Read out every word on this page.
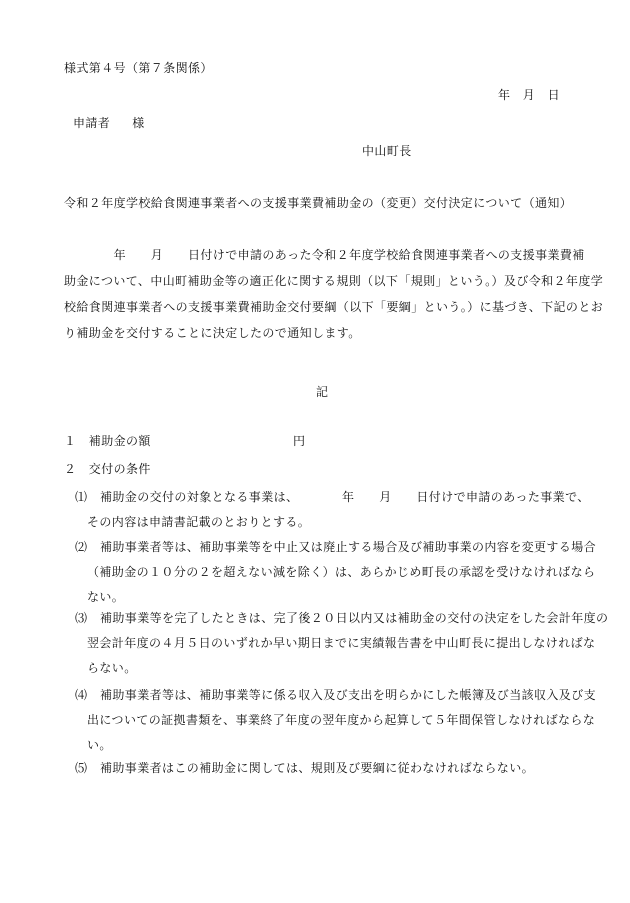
様式第４号（第７条関係）
年　月　日
申請者 様
中山町長
令和２年度学校給食関連事業者への支援事業費補助金の（変更）交付決定について（通知）
　　　　年　　月　　日付けで申請のあった令和２年度学校給食関連事業者への支援事業費補
助金について、中山町補助金等の適正化に関する規則（以下「規則」という。）及び令和２年度学
校給食関連事業者への支援事業費補助金交付要綱（以下「要綱」という。）に基づき、下記のとお
り補助金を交付することに決定したので通知します。
記
１　補助金の額	円
２　交付の条件
⑴	補助金の交付の対象となる事業は、　　　　年　　月　　日付けで申請のあった事業で、
その内容は申請書記載のとおりとする。
⑵	補助事業者等は、補助事業等を中止又は廃止する場合及び補助事業の内容を変更する場合
（補助金の１０分の２を超えない減を除く）は、あらかじめ町長の承認を受けなければなら
ない。
⑶	補助事業等を完了したときは、完了後２０日以内又は補助金の交付の決定をした会計年度の
翌会計年度の４月５日のいずれか早い期日までに実績報告書を中山町長に提出しなければな
らない。
⑷	補助事業者等は、補助事業等に係る収入及び支出を明らかにした帳簿及び当該収入及び支
出についての証拠書類を、事業終了年度の翌年度から起算して５年間保管しなければならな
い。
⑸	補助事業者はこの補助金に関しては、規則及び要綱に従わなければならない。
